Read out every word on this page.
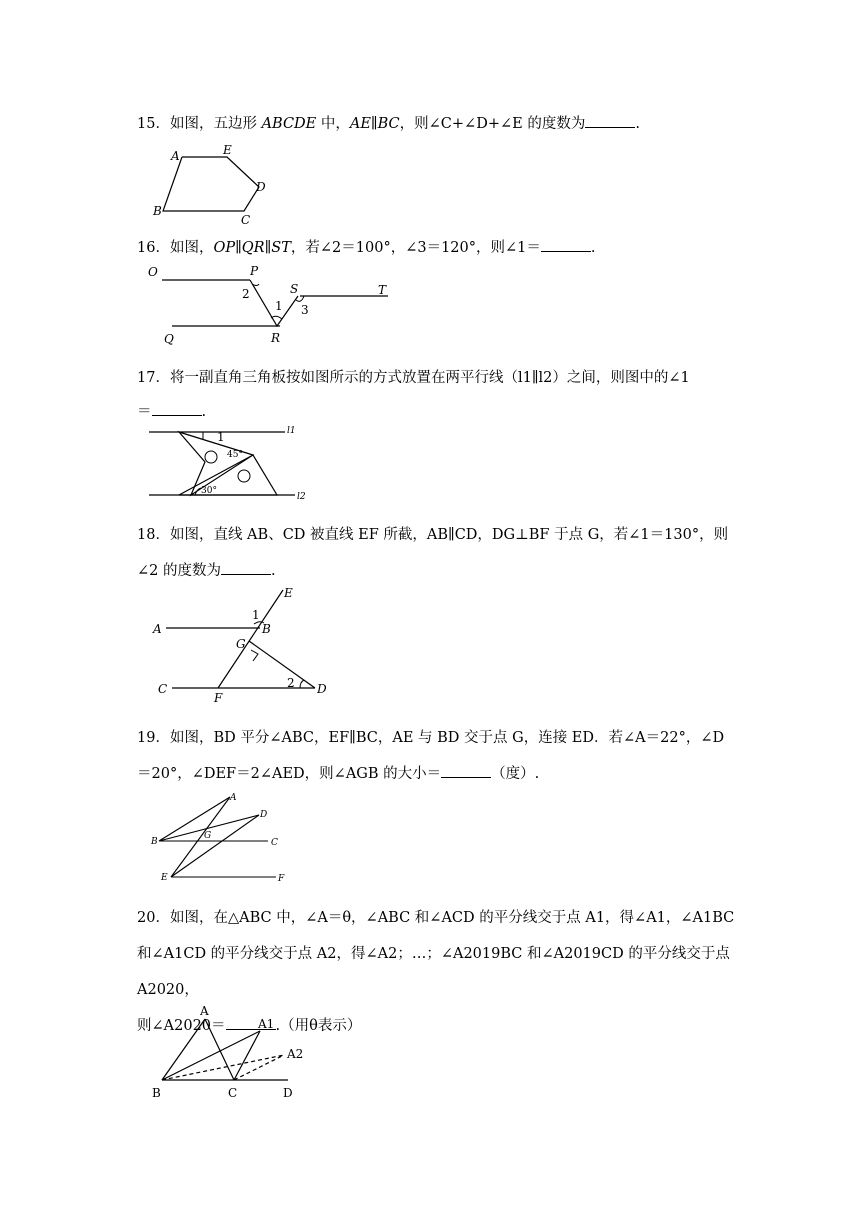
15．如图，五边形 ABCDE 中，AE∥BC，则∠C+∠D+∠E 的度数为	.
A	E
D
C
B
16．如图，OP∥QR∥ST，若∠2＝100°，∠3＝120°，则∠1＝	.
O	P
2	S	T
1 3
Q	R
17．将一副直角三角板按如图所示的方式放置在两平行线（l1∥l2）之间，则图中的∠1
＝	.
l1
1
45°
30°
l2
18．如图，直线 AB、CD 被直线 EF 所截，AB∥CD，DG⊥BF 于点 G，若∠1＝130°，则
∠2 的度数为	.
E
1
A	B
G
C
F
2 D
19．如图，BD 平分∠ABC，EF∥BC，AE 与 BD 交于点 G，连接 ED．若∠A＝22°，∠D
＝20°，∠DEF＝2∠AED，则∠AGB 的大小＝	（度）.
A
D
B
G
C
E	F
20．如图，在△ABC 中，∠A＝θ，∠ABC 和∠ACD 的平分线交于点 A1，得∠A1，∠A1BC
和∠A1CD 的平分线交于点 A2，得∠A2；…；∠A2019BC 和∠A2019CD 的平分线交于点 A2020，
则∠A2020＝	.（用θ表示）
A
A1
A2
B	C	D
